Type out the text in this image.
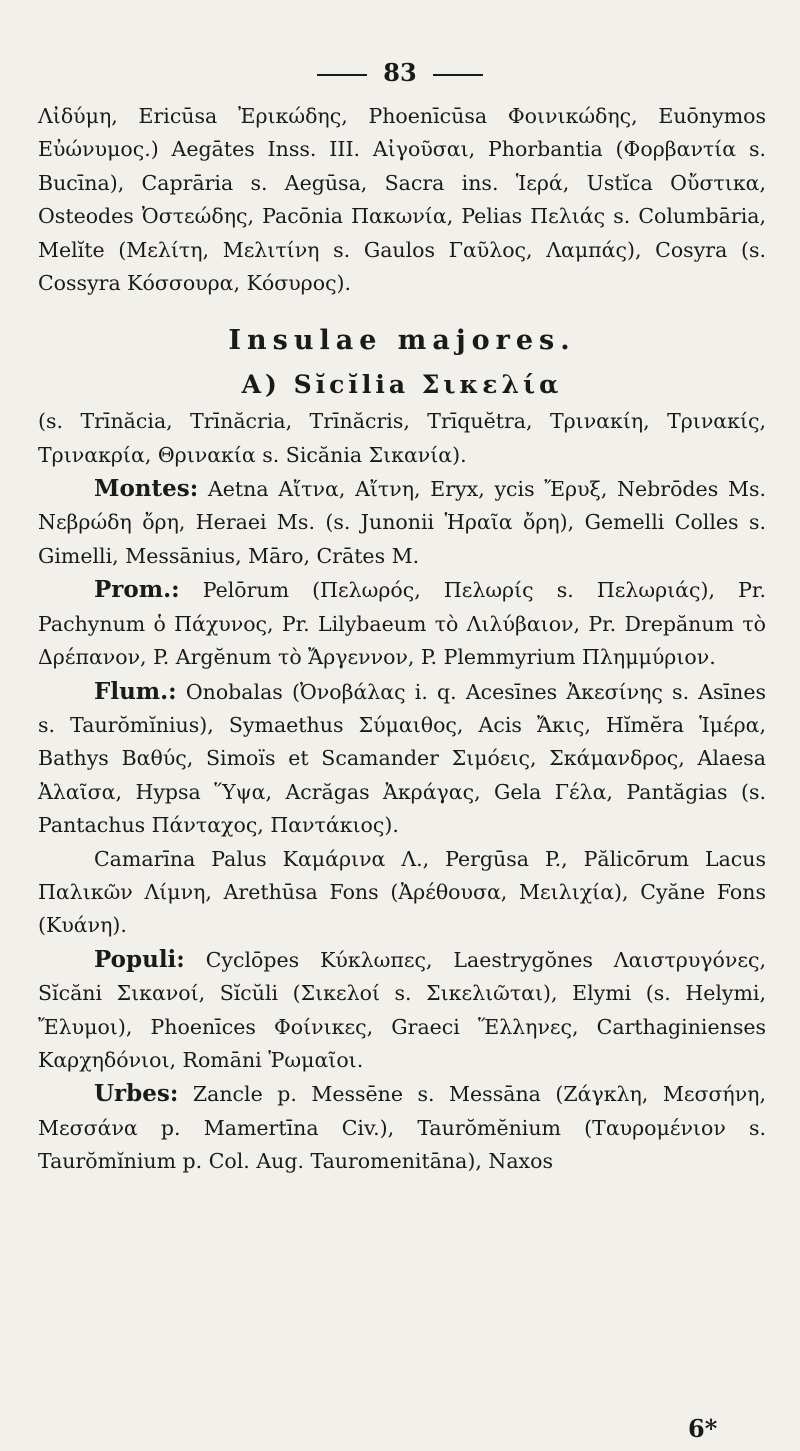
83

Λἰδύμη, Ericūsa Ἐρικώδης, Phoenīcūsa Φοινικώδης, Euōnymos Εὐώνυμος.) Aegātes Inss. III. Αἰγοῦσαι, Phorbantia (Φορβαντία s. Bucīna), Caprāria s. Aegūsa, Sacra ins. Ἱερά, Ustĭca Οὔστικα, Osteodes Ὀστεώδης, Pacōnia Πακωνία, Pelias Πελιάς s. Columbāria, Melĭte (Μελίτη, Μελιτίνη s. Gaulos Γαῦλος, Λαμπάς), Cosyra (s. Cossyra Κόσσουρα, Κόσυρος).

Insulae majores.
A) Sĭcĭlia Σικελία

(s. Trīnăcia, Trīnăcria, Trīnăcris, Trīquĕtra, Τρινακίη, Τρινακίς, Τρινακρία, Θρινακία s. Sicănia Σικανία).

Montes: Aetna Αἴτνα, Αἴτνη, Eryx, ycis Ἔρυξ, Nebrōdes Ms. Νεβρώδη ὄρη, Heraei Ms. (s. Junonii Ἡραῖα ὄρη), Gemelli Colles s. Gimelli, Messānius, Māro, Crātes M.

Prom.: Pelōrum (Πελωρός, Πελωρίς s. Πελωριάς), Pr. Pachynum ὁ Πάχυνος, Pr. Lilybaeum τὸ Λιλύβαιον, Pr. Drepănum τὸ Δρέπανον, P. Argĕnum τὸ Ἄργεννον, P. Plemmyrium Πλημμύριον.

Flum.: Onobalas (Ὀνοβάλας i. q. Acesīnes Ἀκεσίνης s. Asīnes s. Taurŏmĭnius), Symaethus Σύμαιθος, Acis Ἄκις, Hĭmĕra Ἱμέρα, Bathys Βαθύς, Simoïs et Scamander Σιμόεις, Σκάμανδρος, Alaesa Ἀλαῖσα, Hypsa Ὕψα, Acrăgas Ἀκράγας, Gela Γέλα, Pantăgias (s. Pantachus Πάνταχος, Παντάκιος).

Camarīna Palus Καμάρινα Λ., Pergūsa P., Pălicōrum Lacus Παλικῶν Λίμνη, Arethūsa Fons (Ἀρέθουσα, Μειλιχία), Cyăne Fons (Κυάνη).

Populi: Cyclōpes Κύκλωπες, Laestrygŏnes Λαιστρυγόνες, Sĭcăni Σικανοί, Sĭcŭli (Σικελοί s. Σικελιῶται), Elymi (s. Helymi, Ἔλυμοι), Phoenīces Φοίνικες, Graeci Ἕλληνες, Carthaginienses Καρχηδόνιοι, Romāni Ῥωμαῖοι.

Urbes: Zancle p. Messēne s. Messāna (Ζάγκλη, Μεσσήνη, Μεσσάνα p. Mamertīna Civ.), Taurŏmĕnium (Ταυρομένιον s. Taurŏmĭnium p. Col. Aug. Tauromenitāna), Naxos

6*
